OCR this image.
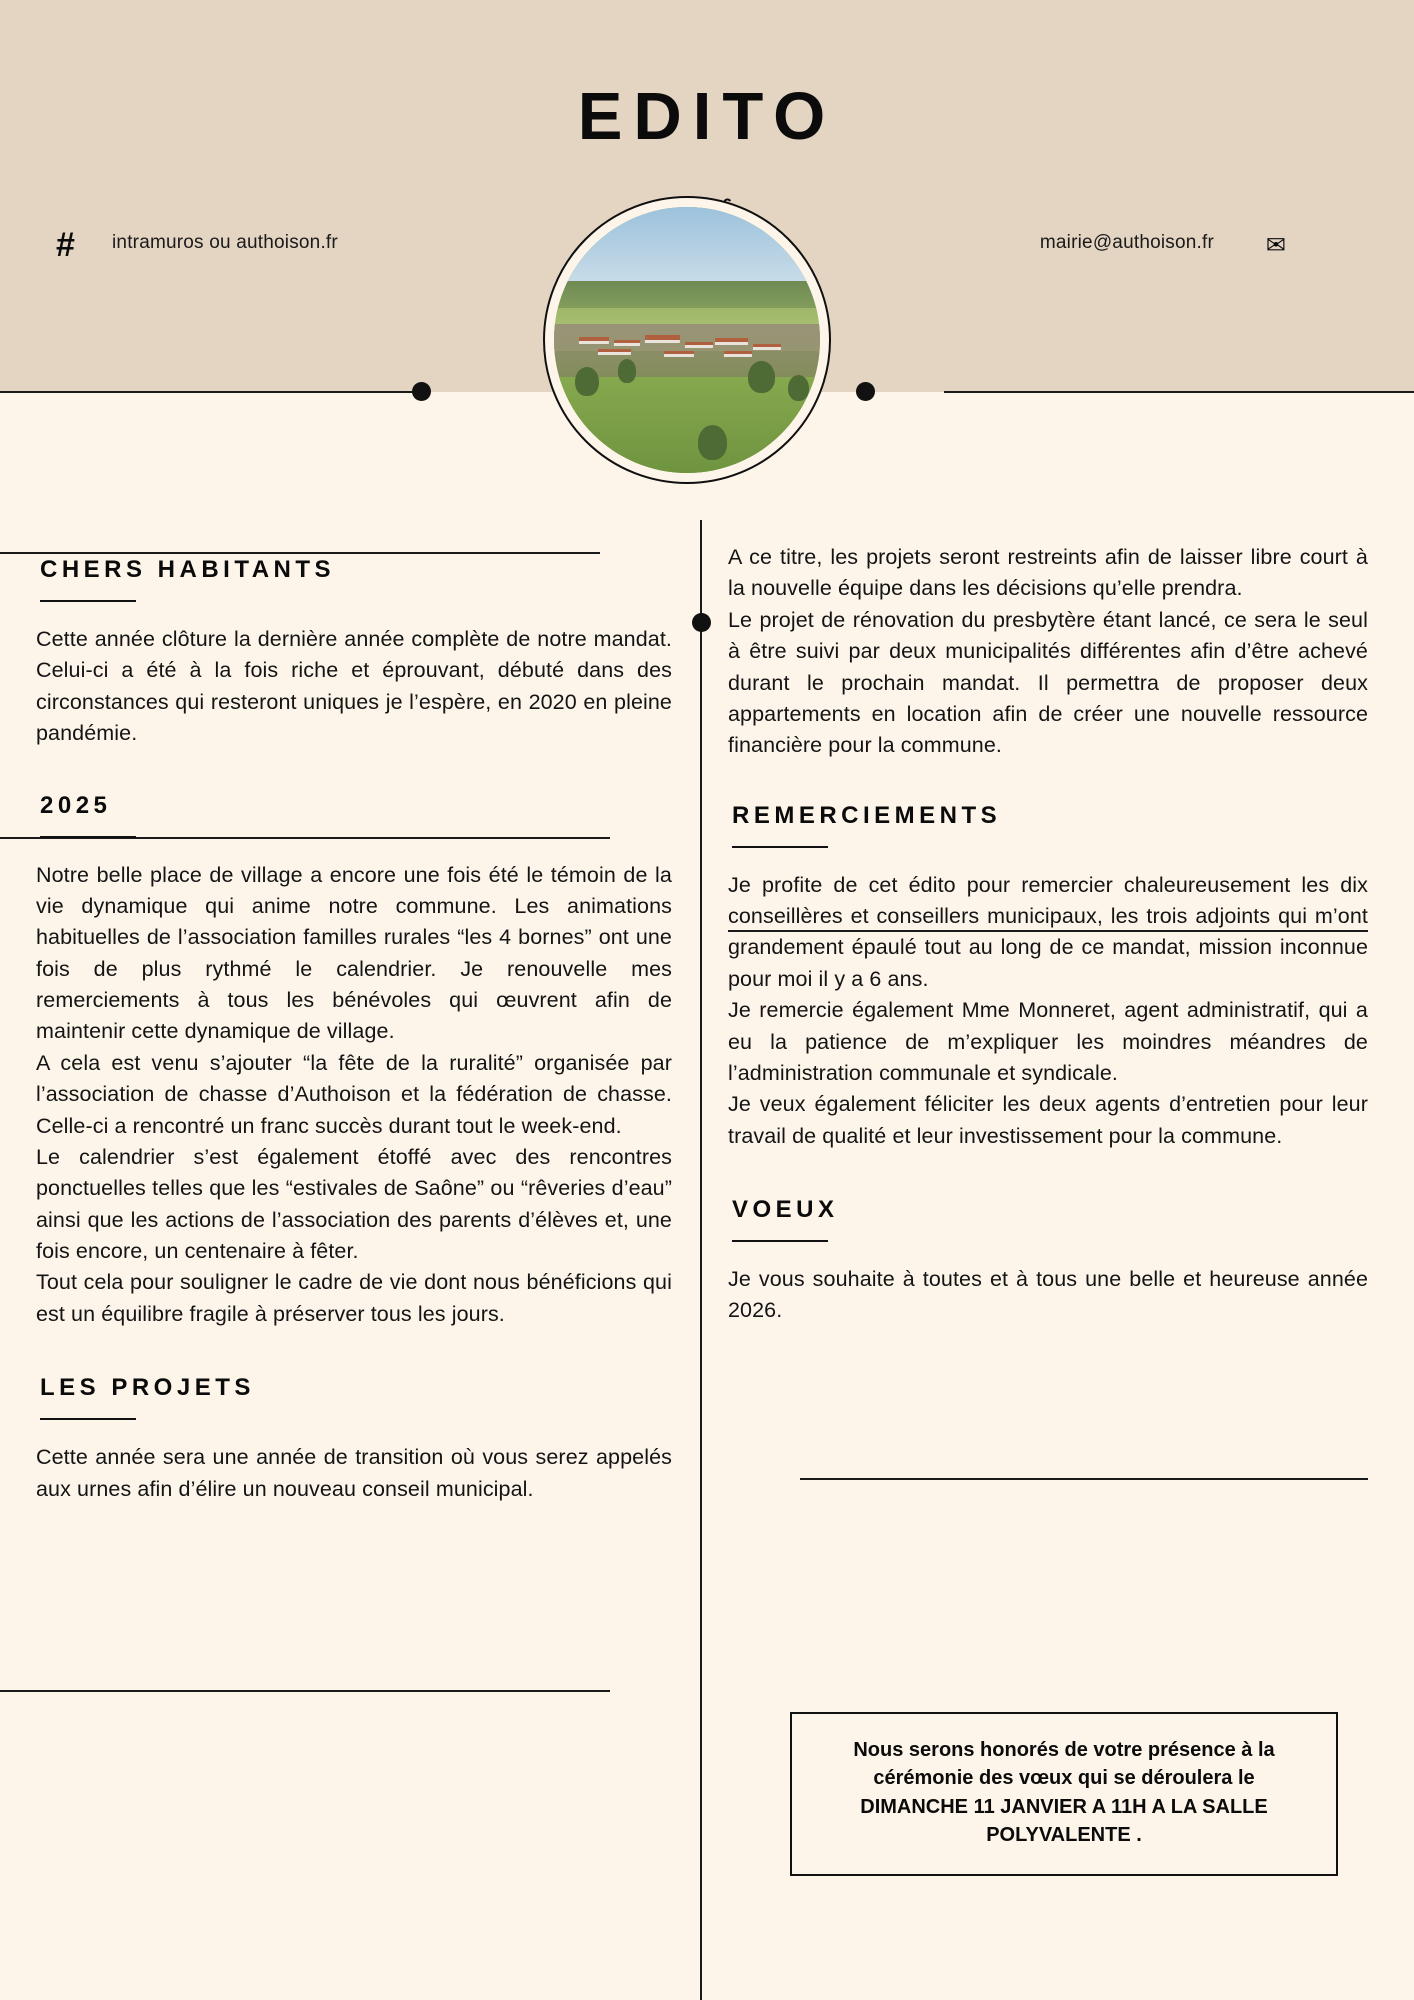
EDITO
# intramuros ou authoison.fr	mairie@authoison.fr ✉
CHERS HABITANTS

Cette année clôture la dernière année complète de notre mandat. Celui-ci a été à la fois riche et éprouvant, débuté dans des circonstances qui resteront uniques je l’espère, en 2020 en pleine pandémie.

2025

Notre belle place de village a encore une fois été le témoin de la vie dynamique qui anime notre commune. Les animations habituelles de l’association familles rurales “les 4 bornes” ont une fois de plus rythmé le calendrier. Je renouvelle mes remerciements à tous les bénévoles qui œuvrent afin de maintenir cette dynamique de village.

A cela est venu s’ajouter “la fête de la ruralité” organisée par l’association de chasse d’Authoison et la fédération de chasse. Celle-ci a rencontré un franc succès durant tout le week-end.

Le calendrier s’est également étoffé avec des rencontres ponctuelles telles que les “estivales de Saône” ou “rêveries d’eau” ainsi que les actions de l’association des parents d’élèves et, une fois encore, un centenaire à fêter.

Tout cela pour souligner le cadre de vie dont nous bénéficions qui est un équilibre fragile à préserver tous les jours.

LES PROJETS

Cette année sera une année de transition où vous serez appelés aux urnes afin d’élire un nouveau conseil municipal.

A ce titre, les projets seront restreints afin de laisser libre court à la nouvelle équipe dans les décisions qu’elle prendra.

Le projet de rénovation du presbytère étant lancé, ce sera le seul à être suivi par deux municipalités différentes afin d’être achevé durant le prochain mandat. Il permettra de proposer deux appartements en location afin de créer une nouvelle ressource financière pour la commune.

REMERCIEMENTS

Je profite de cet édito pour remercier chaleureusement les dix conseillères et conseillers municipaux, les trois adjoints qui m’ont grandement épaulé tout au long de ce mandat, mission inconnue pour moi il y a 6 ans.

Je remercie également Mme Monneret, agent administratif, qui a eu la patience de m’expliquer les moindres méandres de l’administration communale et syndicale.

Je veux également féliciter les deux agents d’entretien pour leur travail de qualité et leur investissement pour la commune.

VOEUX

Je vous souhaite à toutes et à tous une belle et heureuse année 2026.

Nous serons honorés de votre présence à la cérémonie des vœux qui se déroulera le DIMANCHE 11 JANVIER A 11H A LA SALLE POLYVALENTE .
